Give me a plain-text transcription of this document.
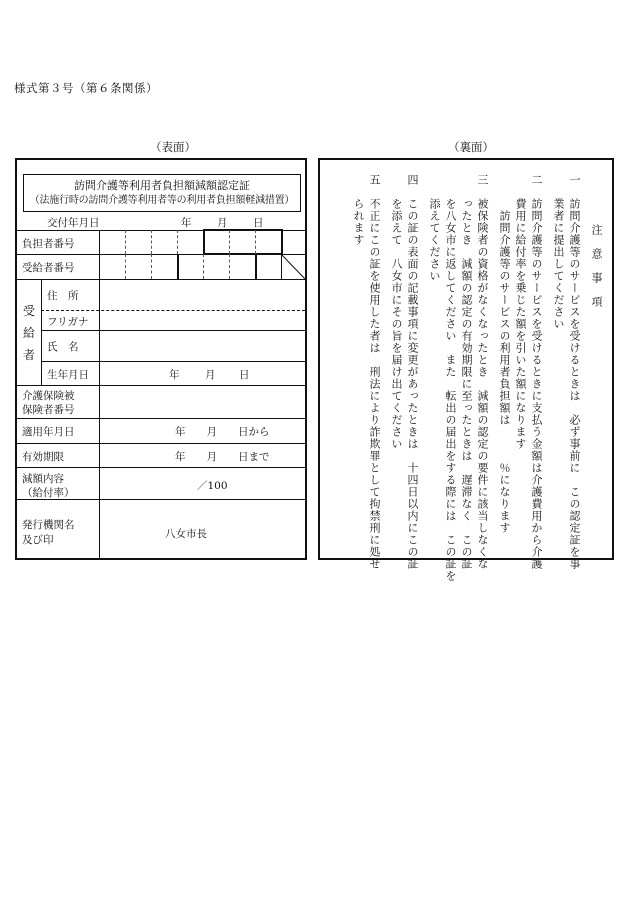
様式第３号（第６条関係）
（表面）	（裏面）
訪問介護等利用者負担額減額認定証
（法施行時の訪問介護等利用者等の利用者負担額軽減措置）
交付年月日	年 月 日
負担者番号
受給者番号
受
給
者
住　所
フリガナ
氏　名
生年月日	年 月 日
介護保険被
保険者番号
適用年月日	年　　月　　日から
有効期限	年　　月　　日まで
減額内容
（給付率）
／100
発行機関名
及び印	八女市長
注　意　事　項
一　訪問介護等のサービスを受けるときは　必ず事前に　この認定証を事
　　業者に提出してください
二　訪問介護等のサービスを受けるときに支払う金額は介護費用から介護
　　費用に給付率を乗じた額を引いた額になります
　　　訪問介護等のサービスの利用者負担額は　　　％になります
三　被保険者の資格がなくなったとき　減額の認定の要件に該当しなくな
　　ったとき　減額の認定の有効期限に至ったときは　遅滞なく　この証
　　を八女市に返してください　また　転出の届出をする際には　この証を
　　添えてください
四　この証の表面の記載事項に変更があったときは　十四日以内にこの証
　　を添えて　八女市にその旨を届け出てください
五　不正にこの証を使用した者は　刑法により詐欺罪として拘禁刑に処せ
　　られます
